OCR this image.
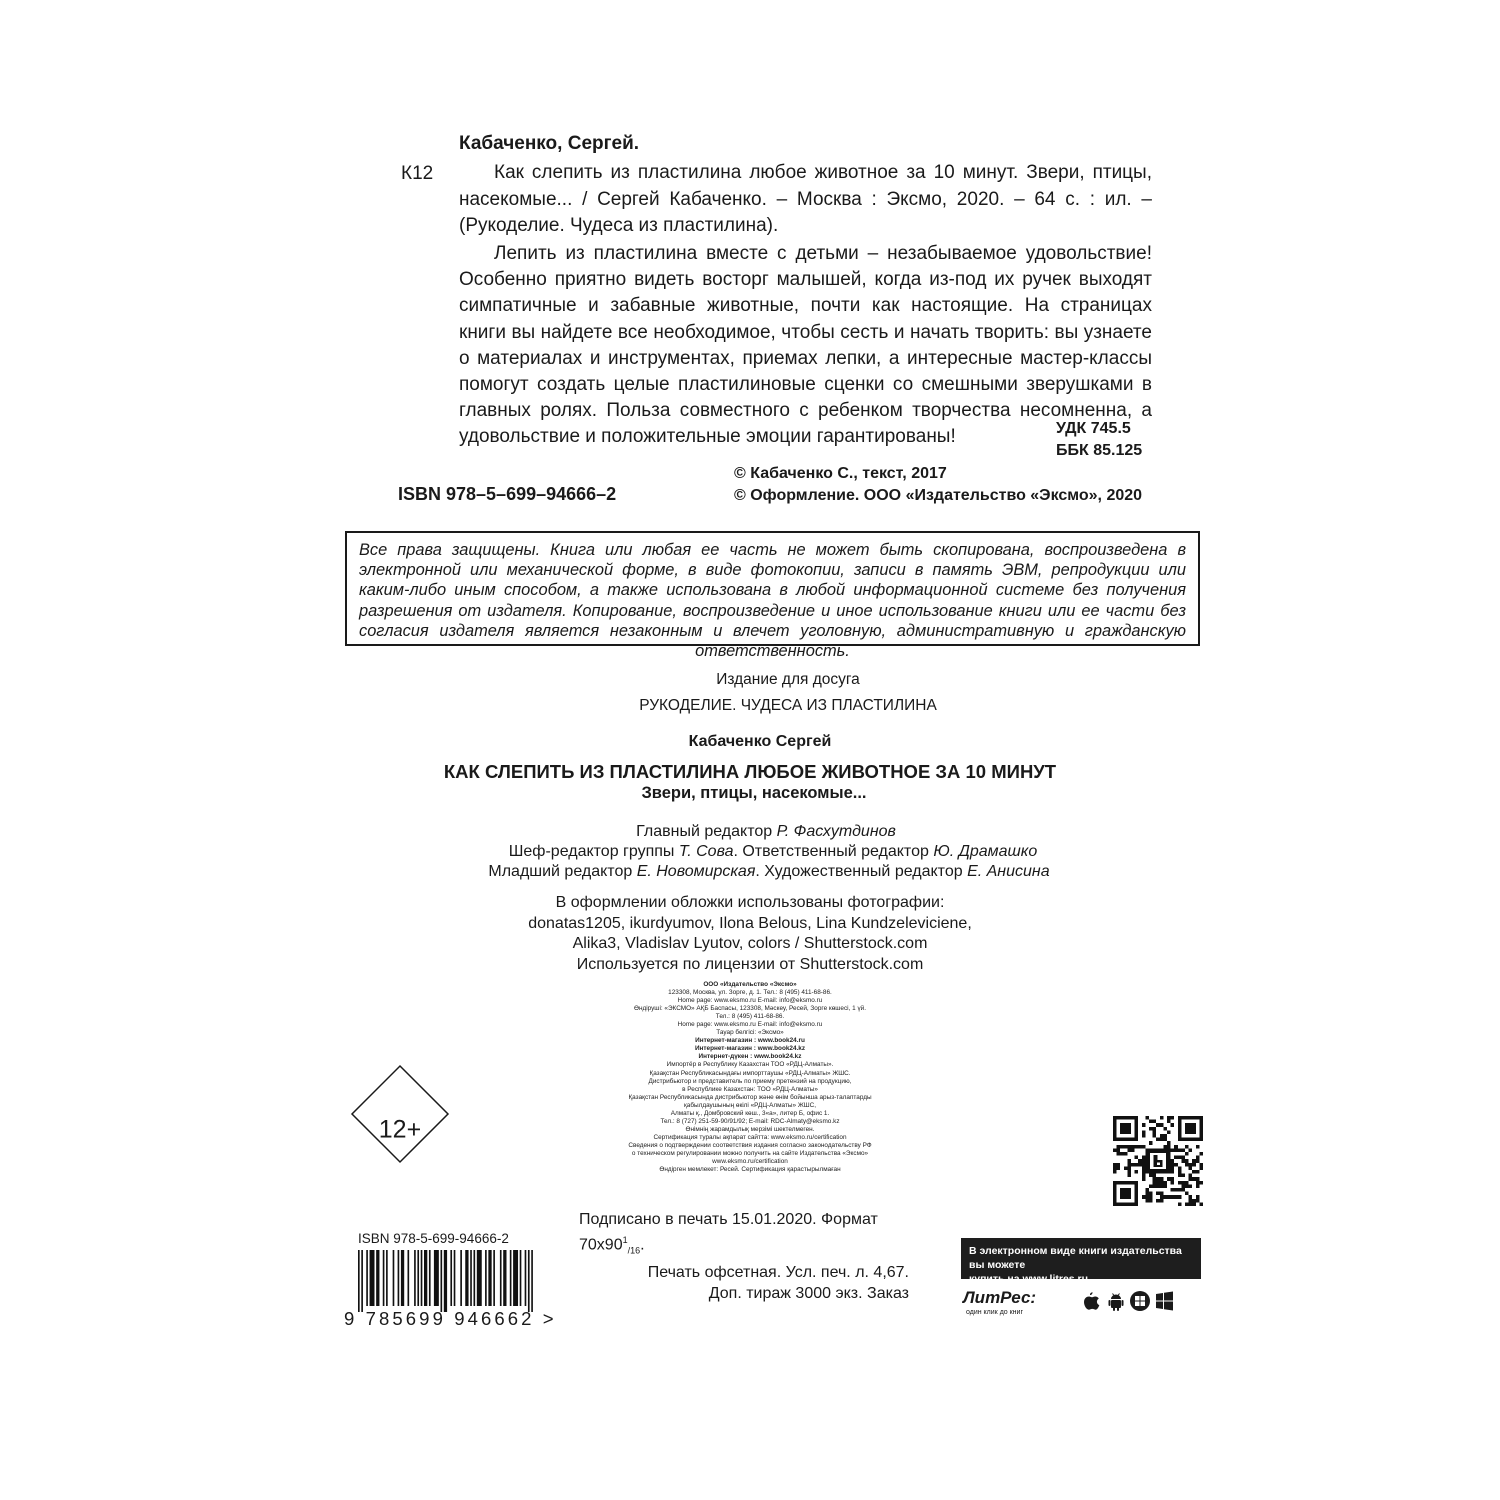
Кабаченко, Сергей.
К12	Как слепить из пластилина любое животное за 10 минут. Звери, птицы, насекомые... / Сергей Кабаченко. – Москва : Эксмо, 2020. – 64 с. : ил. – (Рукоделие. Чудеса из пластилина).

Лепить из пластилина вместе с детьми – незабываемое удовольствие! Особенно приятно видеть восторг малышей, когда из-под их ручек выходят симпатичные и забавные животные, почти как настоящие. На страницах книги вы найдете все необходимое, чтобы сесть и начать творить: вы узнаете о материалах и инструментах, приемах лепки, а интересные мастер-классы помогут создать целые пластилиновые сценки со смешными зверушками в главных ролях. Польза совместного с ребенком творчества несомненна, а удовольствие и положительные эмоции гарантированы!	УДК 745.5
ББК 85.125
© Кабаченко С., текст, 2017
© Оформление. ООО «Издательство «Эксмо», 2020
ISBN 978–5–699–94666–2

Все права защищены. Книга или любая ее часть не может быть скопирована, воспроизведена в электронной или механической форме, в виде фотокопии, записи в память ЭВМ, репродукции или каким-либо иным способом, а также использована в любой информационной системе без получения разрешения от издателя. Копирование, воспроизведение и иное использование книги или ее части без согласия издателя является незаконным и влечет уголовную, административную и гражданскую ответственность.

Издание для досуга
РУКОДЕЛИЕ. ЧУДЕСА ИЗ ПЛАСТИЛИНА
Кабаченко Сергей
КАК СЛЕПИТЬ ИЗ ПЛАСТИЛИНА ЛЮБОЕ ЖИВОТНОЕ ЗА 10 МИНУТ
Звери, птицы, насекомые...
Главный редактор Р. Фасхутдинов
Шеф-редактор группы Т. Сова. Ответственный редактор Ю. Драмашко
Младший редактор Е. Новомирская. Художественный редактор Е. Анисина
В оформлении обложки использованы фотографии:
donatas1205, ikurdyumov, Ilona Belous, Lina Kundzeleviciene,
Alika3, Vladislav Lyutov, colors / Shutterstock.com
Используется по лицензии от Shutterstock.com
ООО «Издательство «Эксмо»
123308, Москва, ул. Зорге, д. 1. Тел.: 8 (495) 411-68-86.
Home page: www.eksmo.ru E-mail: info@eksmo.ru
Өндіруші: «ЭКСМО» АҚБ Баспасы, 123308, Мәскеу, Ресей, Зорге көшесі, 1 үй.
Тел.: 8 (495) 411-68-86.
Home page: www.eksmo.ru E-mail: info@eksmo.ru
Тауар белгісі: «Эксмо»
Интернет-магазин : www.book24.ru
Интернет-магазин : www.book24.kz
Интернет-дүкен : www.book24.kz
Импортёр в Республику Казахстан ТОО «РДЦ-Алматы».
Қазақстан Республикасындағы импорттаушы «РДЦ-Алматы» ЖШС.
Дистрибьютор и представитель по приему претензий на продукцию,
в Республике Казахстан: ТОО «РДЦ-Алматы»
Қазақстан Республикасында дистрибьютор және өнім бойынша арыз-талаптарды
қабылдаушының өкілі «РДЦ-Алматы» ЖШС,
Алматы қ., Домбровский көш., 3«а», литер Б, офис 1.
Тел.: 8 (727) 251-59-90/91/92; E-mail: RDC-Almaty@eksmo.kz
Өнімнің жарамдылық мерзімі шектелмеген.
Сертификация туралы ақпарат сайтта: www.eksmo.ru/certification
Сведения о подтверждении соответствия издания согласно законодательству РФ
о техническом регулировании можно получить на сайте Издательства «Эксмо»
www.eksmo.ru/certification
Өндірген мемлекет: Ресей. Сертификация қарастырылмаған
12+
ISBN 978-5-699-94666-2
9 785699 946662 >
Подписано в печать 15.01.2020. Формат $70x90^1_{/16}$.
Печать офсетная. Усл. печ. л. 4,67.
Доп. тираж 3000 экз. Заказ
В электронном виде книги издательства вы можете
купить на www.litres.ru
ЛитРес:
один клик до книг
